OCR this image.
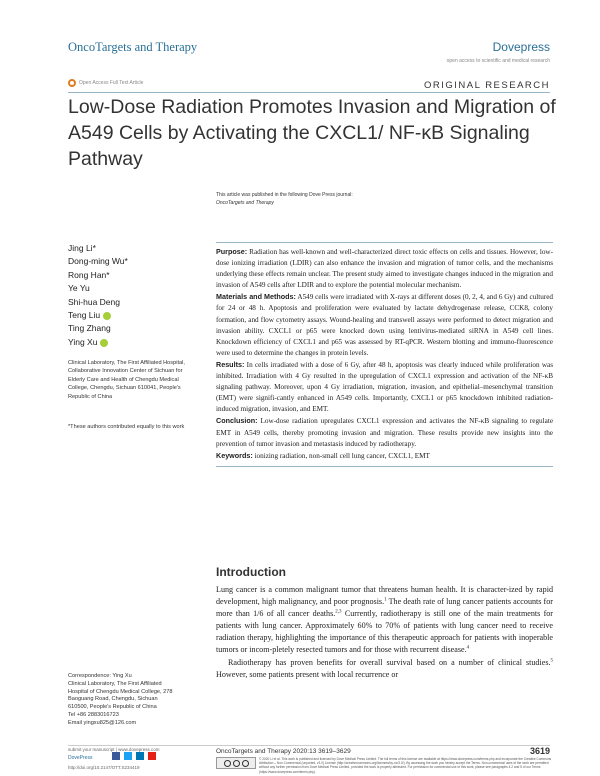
OncoTargets and Therapy	Dovepress
open access to scientific and medical research
Open Access Full Text Article	ORIGINAL RESEARCH
Low-Dose Radiation Promotes Invasion and Migration of A549 Cells by Activating the CXCL1/ NF-κB Signaling Pathway
This article was published in the following Dove Press journal:
OncoTargets and Therapy
Jing Li*
Dong-ming Wu*
Rong Han*
Ye Yu
Shi-hua Deng
Teng Liu
Ting Zhang
Ying Xu
Clinical Laboratory, The First Affiliated Hospital, Collaborative Innovation Center of Sichuan for Elderly Care and Health of Chengdu Medical College, Chengdu, Sichuan 610041, People's Republic of China
*These authors contributed equally to this work

Purpose: Radiation has well-known and well-characterized direct toxic effects on cells and tissues. However, low-dose ionizing irradiation (LDIR) can also enhance the invasion and migration of tumor cells, and the mechanisms underlying these effects remain unclear. The present study aimed to investigate changes induced in the migration and invasion of A549 cells after LDIR and to explore the potential molecular mechanism.

Materials and Methods: A549 cells were irradiated with X-rays at different doses (0, 2, 4, and 6 Gy) and cultured for 24 or 48 h. Apoptosis and proliferation were evaluated by lactate dehydrogenase release, CCK8, colony formation, and flow cytometry assays. Wound-healing and transwell assays were performed to detect migration and invasion ability. CXCL1 or p65 were knocked down using lentivirus-mediated siRNA in A549 cell lines. Knockdown efficiency of CXCL1 and p65 was assessed by RT-qPCR. Western blotting and immuno-fluorescence were used to determine the changes in protein levels.

Results: In cells irradiated with a dose of 6 Gy, after 48 h, apoptosis was clearly induced while proliferation was inhibited. Irradiation with 4 Gy resulted in the upregulation of CXCL1 expression and activation of the NF-κB signaling pathway. Moreover, upon 4 Gy irradiation, migration, invasion, and epithelial–mesenchymal transition (EMT) were signifi-cantly enhanced in A549 cells. Importantly, CXCL1 or p65 knockdown inhibited radiation-induced migration, invasion, and EMT.

Conclusion: Low-dose radiation upregulates CXCL1 expression and activates the NF-κB signaling to regulate EMT in A549 cells, thereby promoting invasion and migration. These results provide new insights into the prevention of tumor invasion and metastasis induced by radiotherapy.

Keywords: ionizing radiation, non-small cell lung cancer, CXCL1, EMT

Introduction

Lung cancer is a common malignant tumor that threatens human health. It is character-ized by rapid development, high malignancy, and poor prognosis.$^1$ The death rate of lung cancer patients accounts for more than 1/6 of all cancer deaths.$^{2,3}$ Currently, radiotherapy is still one of the main treatments for patients with lung cancer. Approximately 60% to 70% of patients with lung cancer need to receive radiation therapy, highlighting the importance of this therapeutic approach for patients with inoperable tumors or incom-pletely resected tumors and for those with recurrent disease.$^4$

Radiotherapy has proven benefits for overall survival based on a number of clinical studies.$^5$ However, some patients present with local recurrence or

Correspondence: Ying Xu
Clinical Laboratory, The First Affiliated
Hospital of Chengdu Medical College, 278
Baoguang Road, Chengdu, Sichuan
610500, People's Republic of China
Tel +86 2883016723
Email yingxu825@126.com
submit your manuscript | www.dovepress.com
DovePress
http://doi.org/10.2147/OTT.S234419
OncoTargets and Therapy 2020:13 3619–3629	3619
© 2020 Li et al. This work is published and licensed by Dove Medical Press Limited. The full terms of this license are available at https://www.dovepress.com/terms.php and incorporate the Creative Commons Attribution – Non Commercial (unported, v3.0) License (http://creativecommons.org/licenses/by-nc/3.0/). By accessing the work you hereby accept the Terms. Non-commercial uses of the work are permitted without any further permission from Dove Medical Press Limited, provided the work is properly attributed. For permission for commercial use of this work, please see paragraphs 4.2 and 5 of our Terms (https://www.dovepress.com/terms.php).
